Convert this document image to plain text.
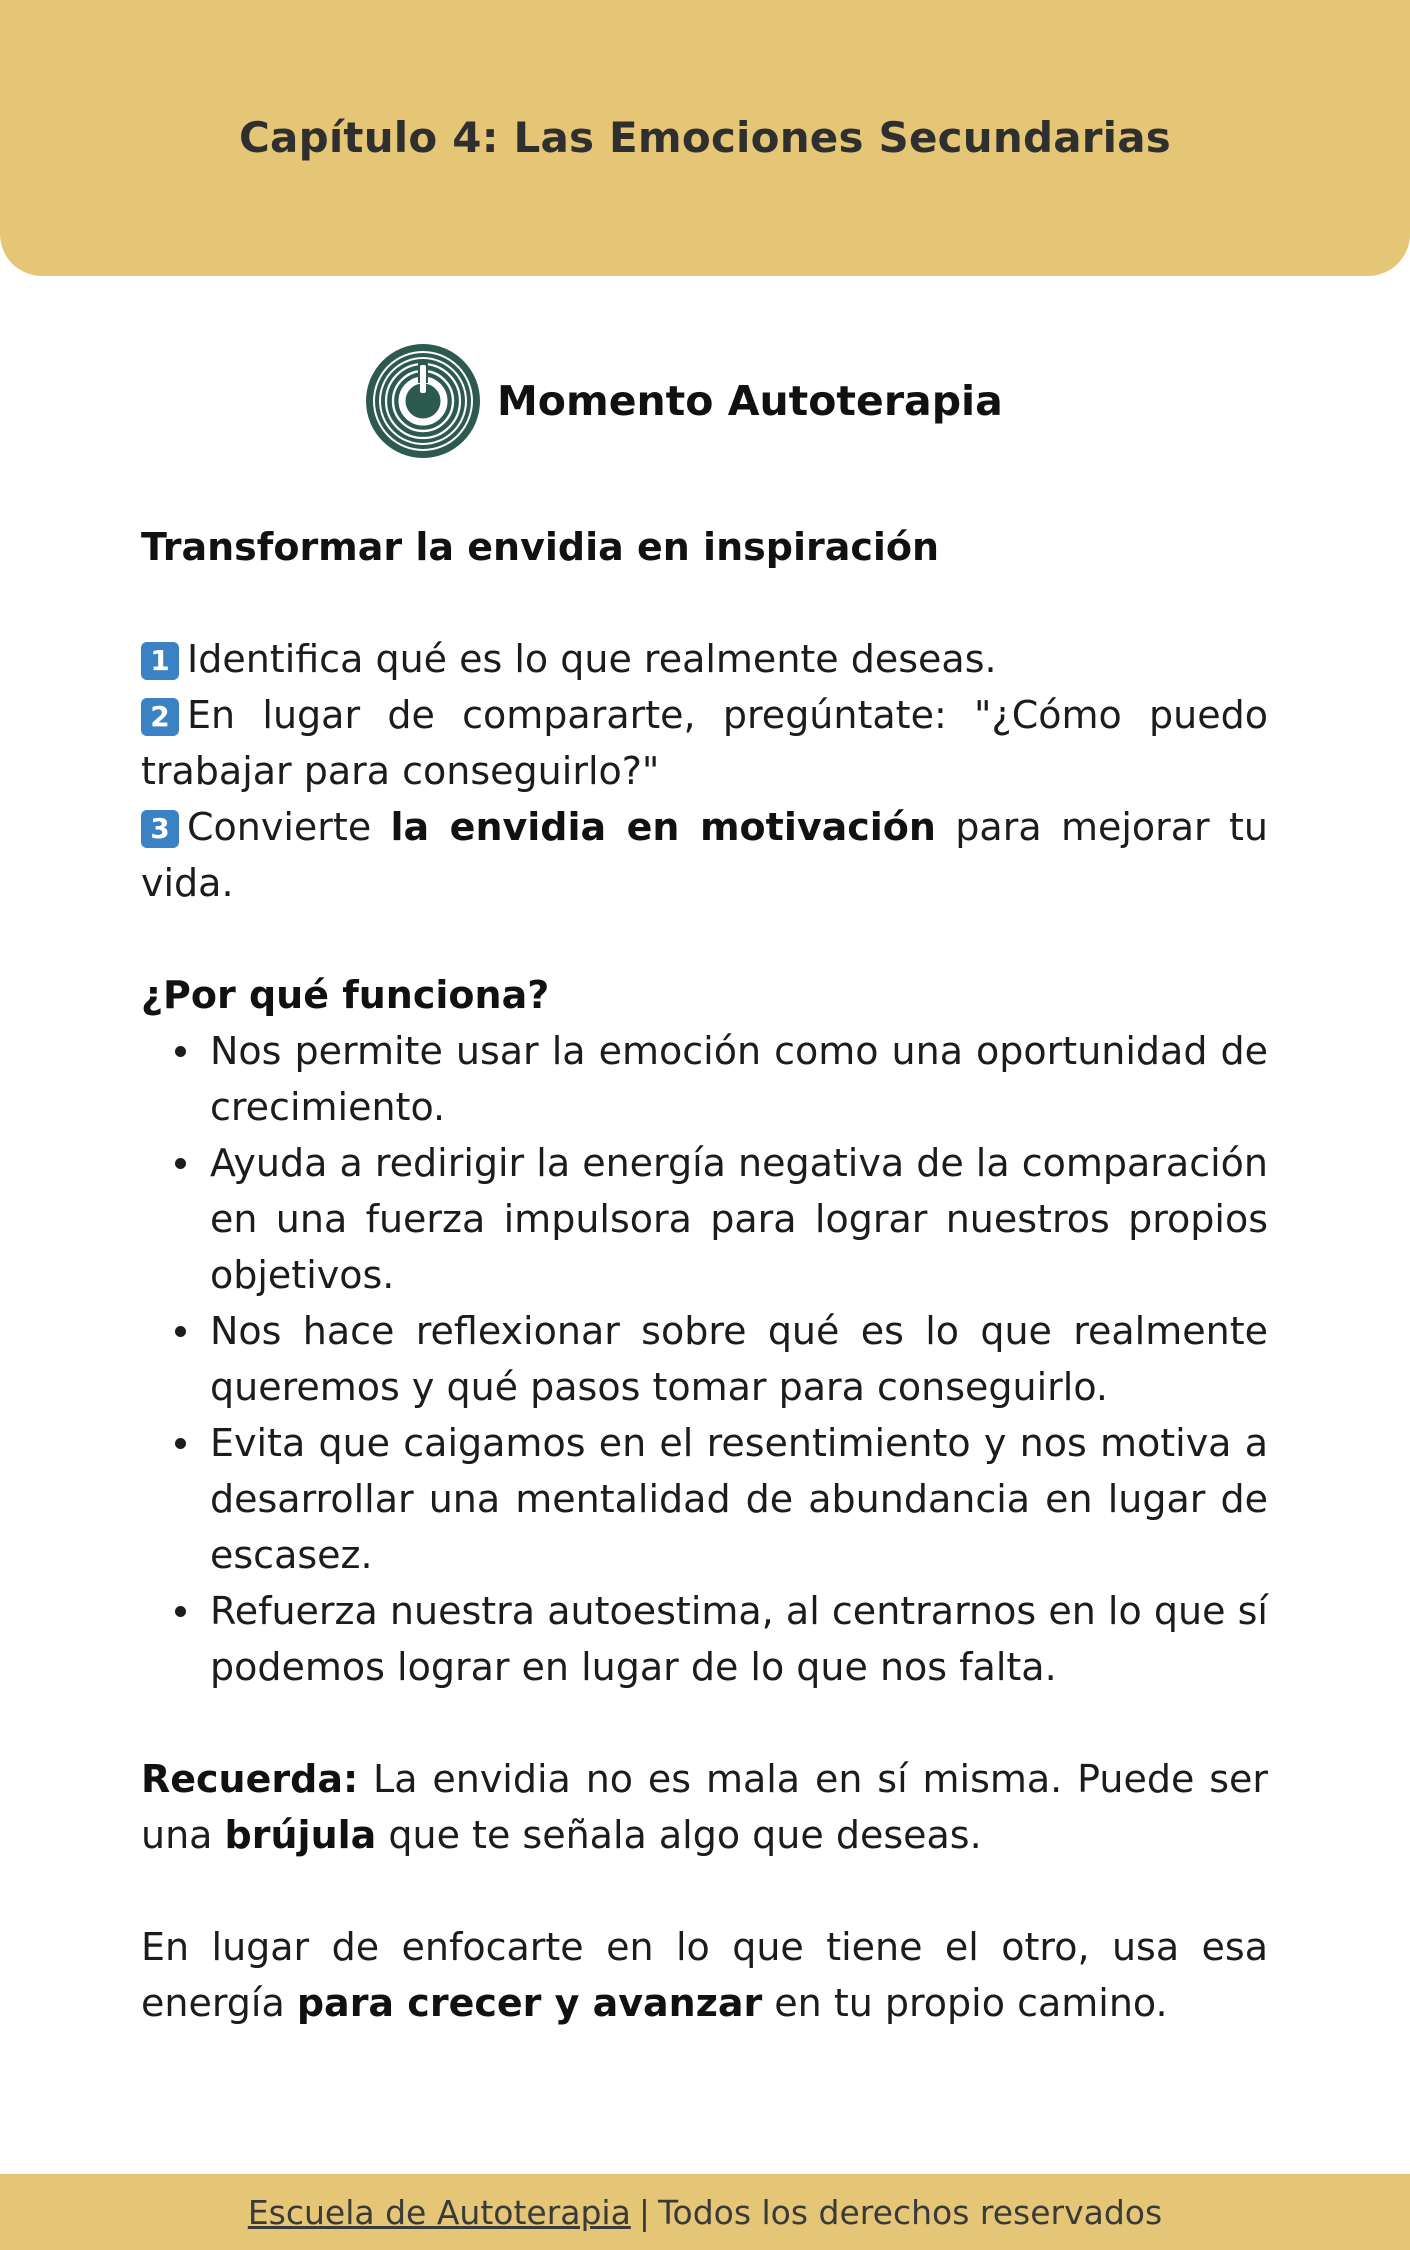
Capítulo 4: Las Emociones Secundarias
Momento Autoterapia

Transformar la envidia en inspiración

1 Identifica qué es lo que realmente deseas.

2 En lugar de compararte, pregúntate: "¿Cómo puedo trabajar para conseguirlo?"

3 Convierte la envidia en motivación para mejorar tu vida.

¿Por qué funciona?

Nos permite usar la emoción como una oportunidad de crecimiento.
Ayuda a redirigir la energía negativa de la comparación en una fuerza impulsora para lograr nuestros propios objetivos.
Nos hace reflexionar sobre qué es lo que realmente queremos y qué pasos tomar para conseguirlo.
Evita que caigamos en el resentimiento y nos motiva a desarrollar una mentalidad de abundancia en lugar de escasez.
Refuerza nuestra autoestima, al centrarnos en lo que sí podemos lograr en lugar de lo que nos falta.

Recuerda: La envidia no es mala en sí misma. Puede ser una brújula que te señala algo que deseas.

En lugar de enfocarte en lo que tiene el otro, usa esa energía para crecer y avanzar en tu propio camino.

Escuela de Autoterapia | Todos los derechos reservados
